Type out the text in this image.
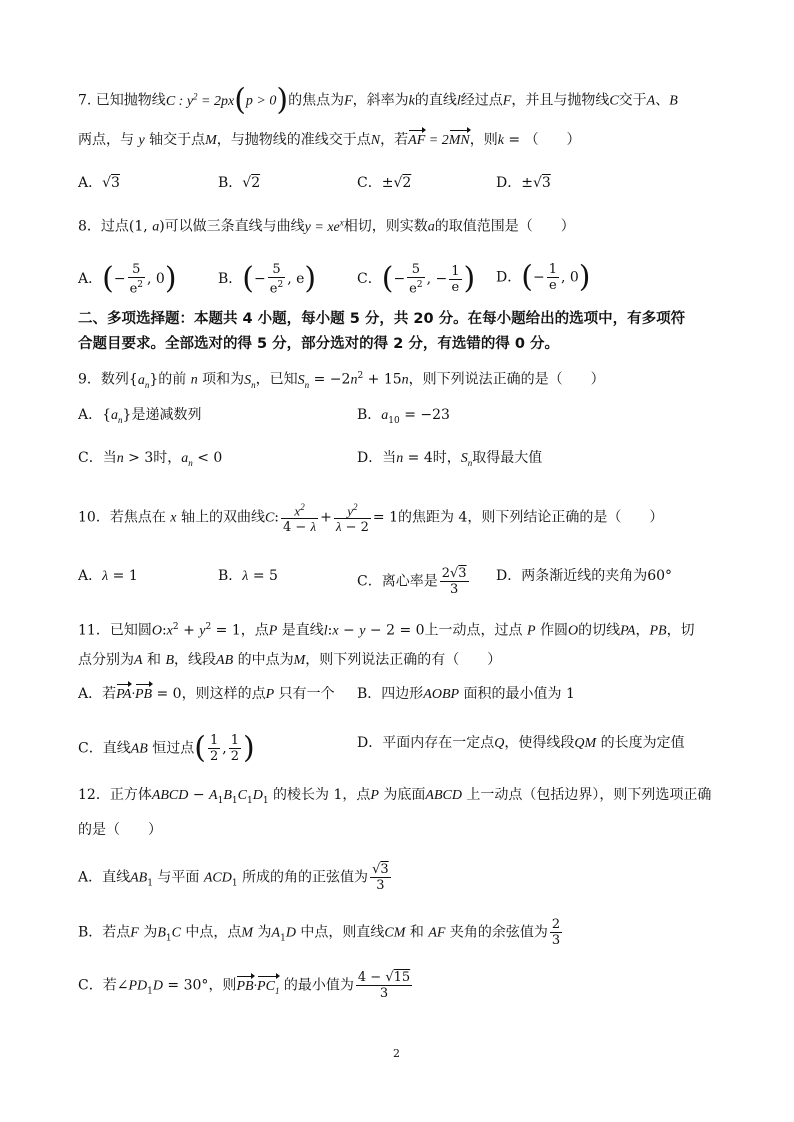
7. 已知抛物线C : $y^2 = 2px(p > 0)$的焦点为F，斜率为k的直线l经过点F，并且与抛物线C交于A、B
两点，与 y 轴交于点M，与抛物线的准线交于点N，若AF = 2MN，则k = （　　）
A．√3	B．√2	C．±√2	D．±√3
8．过点(1, a)可以做三条直线与曲线$y = xe^x$相切，则实数a的取值范围是（　　）
A．(− $\frac{5}{e^2}$ , 0)	B．(− $\frac{5}{e^2}$ , e)	C．(− $\frac{5}{e^2}$ , − $\frac{1}{e}$ ) D．(− $\frac{1}{e}$ , 0)
二、多项选择题：本题共 4 小题，每小题 5 分，共 20 分。在每小题给出的选项中，有多项符
合题目要求。全部选对的得 5 分，部分选对的得 2 分，有选错的得 0 分。
9．数列$\{a_n\}$的前 n 项和为$S_n$，已知$S_n = -2n^2 + 15n$，则下列说法正确的是（　　）
A．$\{a_n\}$是递减数列	B．$a_{10} = -23$
C．当n > 3时，$a_n < 0$	D．当n = 4时，$S_n$取得最大值
10．若焦点在 x 轴上的双曲线C: $\frac{x^2}{4 - \lambda} + \frac{y^2}{\lambda - 2} = 1$的焦距为 4，则下列结论正确的是（　　）
A．λ = 1	B．λ = 5	C．离心率是 $\frac{2√3}{3}$ D．两条渐近线的夹角为60°
11．已知圆$O:x^2 + y^2 = 1$，点P 是直线l:x − y − 2 = 0上一动点，过点 P 作圆O的切线PA，PB，切
点分别为A 和 B，线段AB 的中点为M，则下列说法正确的有（　　）
A．若PA·PB = 0，则这样的点P 只有一个 B．四边形AOBP 面积的最小值为 1
C．直线AB 恒过点( $\frac{1}{2}$ , $\frac{1}{2}$ )	D．平面内存在一定点Q，使得线段QM 的长度为定值
12．正方体ABCD − $A_1B_1C_1D_1$ 的棱长为 1，点P 为底面ABCD 上一动点（包括边界），则下列选项正确
的是（　　）
A．直线$AB_1$ 与平面 $ACD_1$ 所成的角的正弦值为 $\frac{√3}{3}$
B．若点F 为$B_1C$ 中点，点M 为$A_1D$ 中点，则直线CM 和 AF 夹角的余弦值为 $\frac{2}{3}$
C．若$\angle PD_1D = 30^\circ$，则$PB\cdot PC_1$ 的最小值为 $\frac{4 - √15}{3}$
2
